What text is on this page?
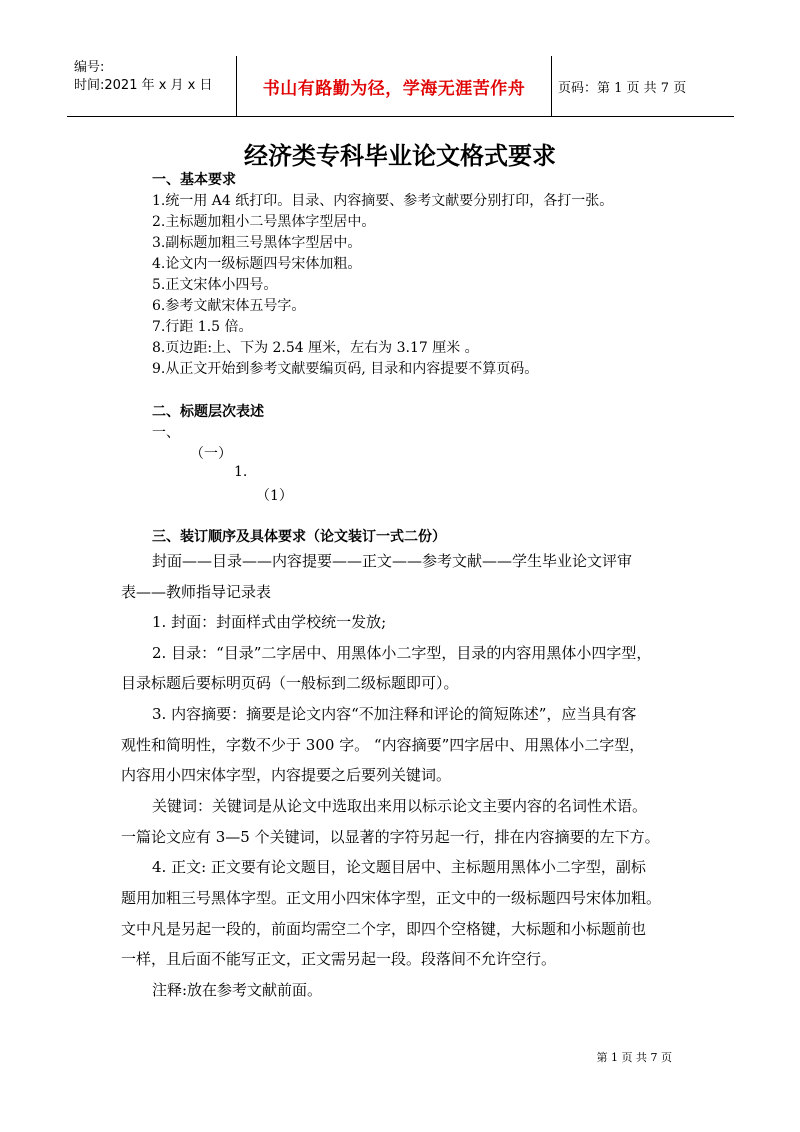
编号:
时间:2021 年 x 月 x 日	书山有路勤为径，学海无涯苦作舟	页码：第 1 页 共 7 页
经济类专科毕业论文格式要求
一、基本要求
1.统一用 A4 纸打印。目录、内容摘要、参考文献要分别打印，各打一张。
2.主标题加粗小二号黑体字型居中。
3.副标题加粗三号黑体字型居中。
4.论文内一级标题四号宋体加粗。
5.正文宋体小四号。
6.参考文献宋体五号字。
7.行距 1.5 倍。
8.页边距:上、下为 2.54 厘米，左右为 3.17 厘米 。
9.从正文开始到参考文献要编页码, 目录和内容提要不算页码。
二、标题层次表述
一、
（一）
1.
（1）
三、装订顺序及具体要求（论文装订一式二份）
封面——目录——内容提要——正文——参考文献——学生毕业论文评审
表——教师指导记录表
1. 封面：封面样式由学校统一发放;
2. 目录：“目录”二字居中、用黑体小二字型，目录的内容用黑体小四字型，
目录标题后要标明页码（一般标到二级标题即可）。
3. 内容摘要：摘要是论文内容“不加注释和评论的简短陈述”，应当具有客
观性和简明性，字数不少于 300 字。 “内容摘要”四字居中、用黑体小二字型，
内容用小四宋体字型，内容提要之后要列关键词。
关键词：关键词是从论文中选取出来用以标示论文主要内容的名词性术语。
一篇论文应有 3—5 个关键词，以显著的字符另起一行，排在内容摘要的左下方。
4. 正文: 正文要有论文题目，论文题目居中、主标题用黑体小二字型，副标
题用加粗三号黑体字型。正文用小四宋体字型，正文中的一级标题四号宋体加粗。
文中凡是另起一段的，前面均需空二个字，即四个空格键，大标题和小标题前也
一样，且后面不能写正文，正文需另起一段。段落间不允许空行。
注释:放在参考文献前面。
第 1 页 共 7 页
